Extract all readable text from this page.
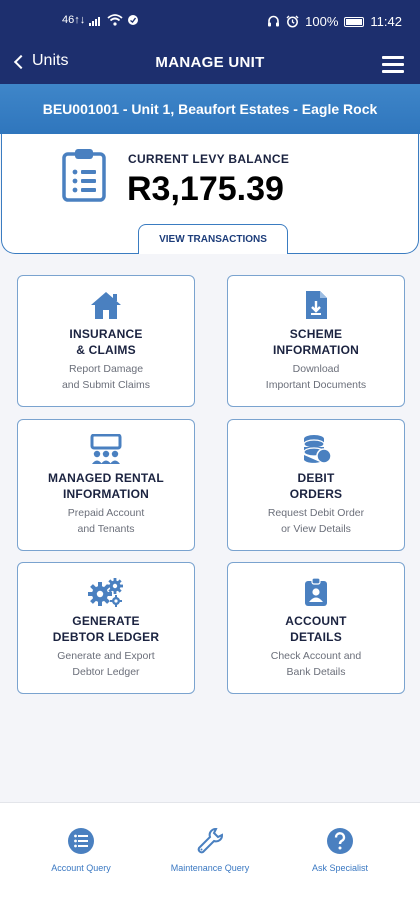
46↑↓	100% 11:42
Units	MANAGE UNIT
BEU001001 - Unit 1, Beaufort Estates - Eagle Rock
CURRENT LEVY BALANCE
R3,175.39
VIEW TRANSACTIONS
INSURANCE
& CLAIMS
Report Damage
and Submit Claims
SCHEME
INFORMATION
Download
Important Documents
MANAGED RENTAL
INFORMATION
Prepaid Account
and Tenants
DEBIT
ORDERS
Request Debit Order
or View Details
GENERATE
DEBTOR LEDGER
Generate and Export
Debtor Ledger
ACCOUNT
DETAILS
Check Account and
Bank Details
Account Query	Maintenance Query	Ask Specialist
